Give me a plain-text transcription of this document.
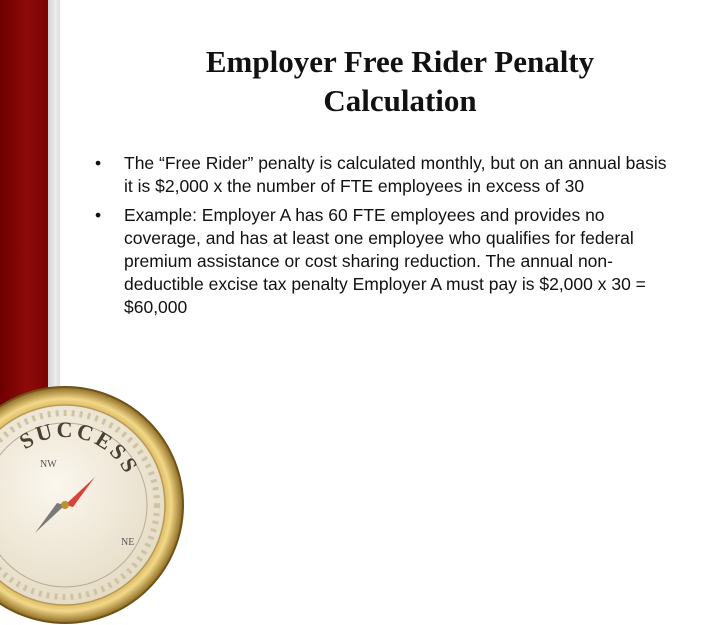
Employer Free Rider Penalty Calculation
• The “Free Rider” penalty is calculated monthly, but on an annual basis it is $2,000 x the number of FTE employees in excess of 30
• Example: Employer A has 60 FTE employees and provides no coverage, and has at least one employee who qualifies for federal premium assistance or cost sharing reduction. The annual non-deductible excise tax penalty Employer A must pay is $2,000 x 30 = $60,000
SUCCESS
NW
NE
